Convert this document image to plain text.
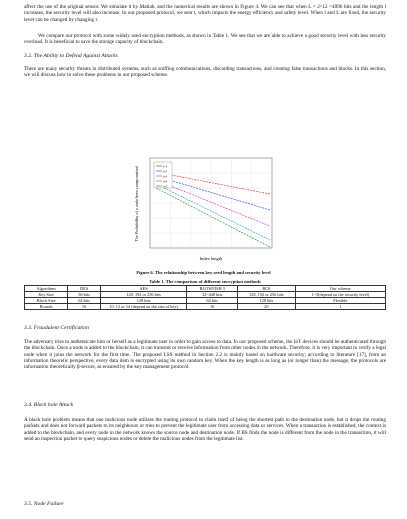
affect the use of the original sensor. We simulate it by Matlab, and the numerical results are shown in Figure 4. We can see that when L = 2^12 =4096 bits and the length l increases, the security level will also increase. In our proposed protocol, we sent t, which impacts the energy efficiency and safety level. When l and L are fixed, the security level can be changed by changing t.

We compare our protocol with some widely used encryption methods, as shown in Table 1. We see that we are able to achieve a good security level with less security overload. It is beneficial to save the storage capacity of blockchain.

3.2. The Ability to Defend Against Attacks

There are many security threats in distributed systems, such as sniffing communications, discarding transactions, and creating false transactions and blocks. In this section, we will discuss how to solve these problems in our proposed scheme.

t=1
t=2
t=3
t=4
t=5
Index length
The Probability of a node been compromised

Figure 6. The relationship between key seed length and security level

Table 1. The comparison of different encryption methods
Algorithms	DES	AES	BLOWFISH 3	RC6	Our scheme
Key Size	56 bits	128, 192 or 256 bits	32~448 bits	128, 192 or 256 bits	1~5(depend on the security level)
Block Size	64 bits	128 bits	64 bits	128 bits	Flexible
Rounds	16	10, 12 or 14 (depend on the size of key)	16	20	1

3.3. Fraudulent Certification

The adversary tries to authenticate him or herself as a legitimate user in order to gain access to data. In our proposed scheme, the IoT devices should be authenticated through the blockchain. Once a node is added to the blockchain, it can transmit or receive information from other nodes in the network. Therefore, it is very important to verify a legal node when it joins the network for the first time. The proposed LSS method in Section 2.2 is mainly based on hardware security; according to literature [17], from an information theoretic perspective, every data item is encrypted using its own random key. When the key length is as long as (or longer than) the message, the protocols are information theoretically β-secure, as ensured by the key management protocol.

3.4. Black hole Attack

A black hole problem means that one malicious node utilizes the routing protocol to claim itself of being the shortest path to the destination node, but it drops the routing packets and does not forward packets to its neighbours or tries to prevent the legitimate user from accessing data or services. When a transaction is established, the context is added to the blockchain, and every node in the network knows the source node and destination node. If BS finds the node is different from the node in the transaction, it will send an inspection packet to query suspicious nodes or delete the malicious nodes from the legitimate list.

3.5. Node Failure
